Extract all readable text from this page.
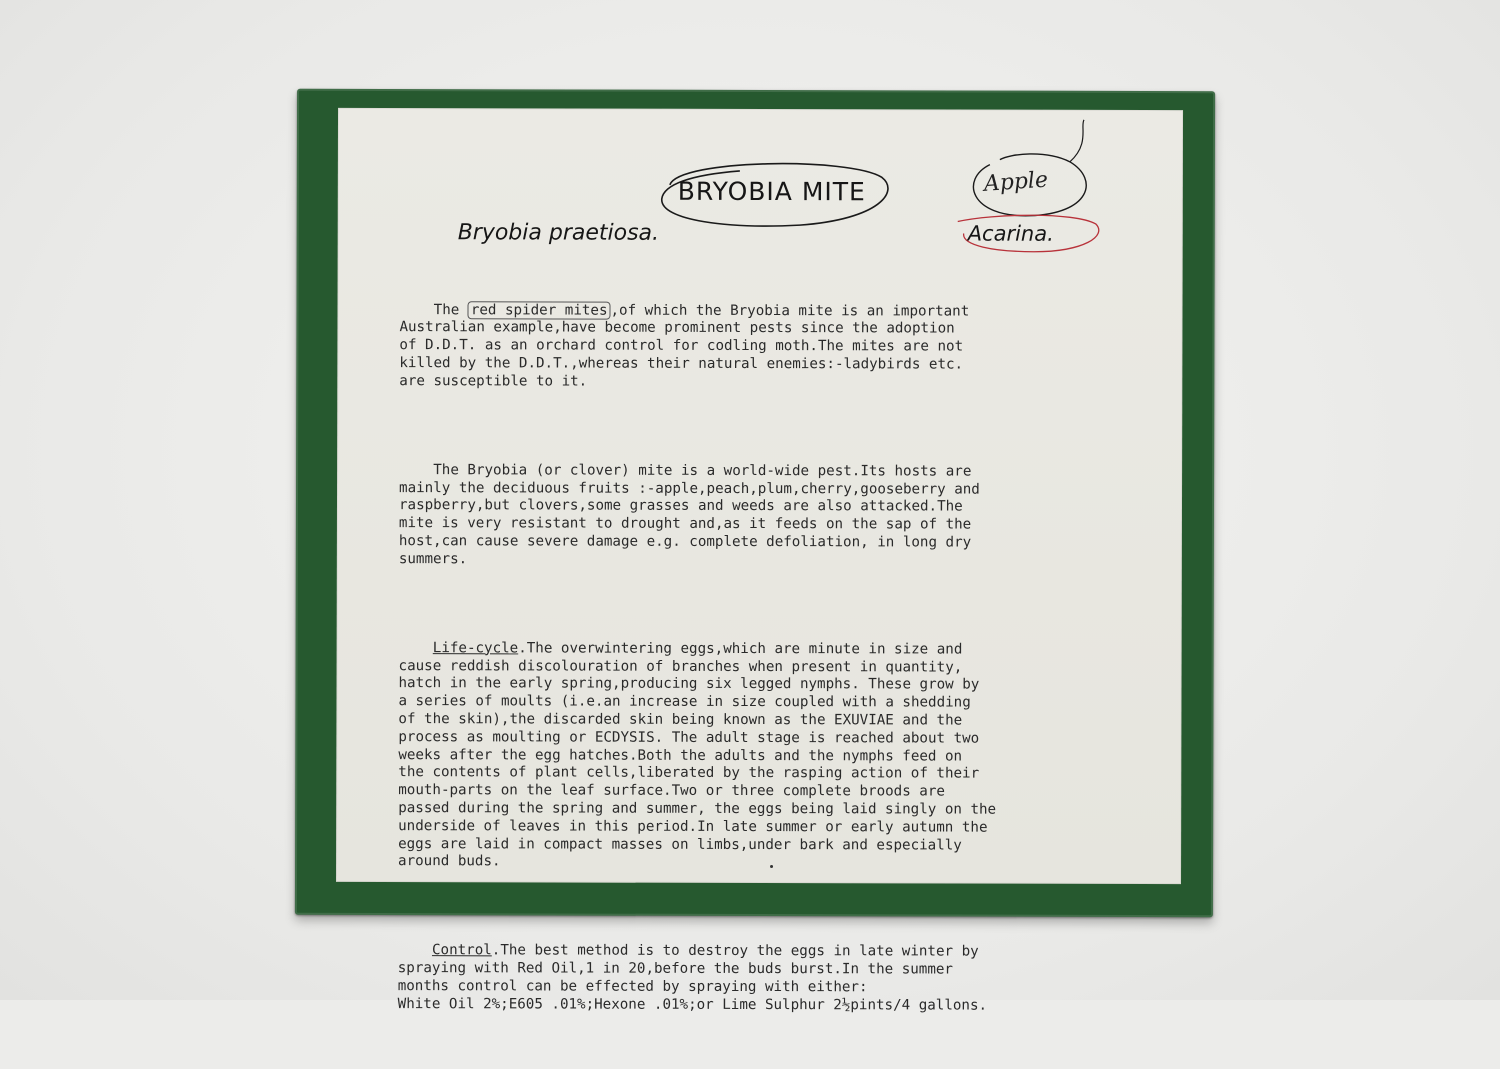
BRYOBIA MITE	Apple
Bryobia praetiosa.	Acarina.

The red spider mites ,of which the Bryobia mite is an important
Australian example,have become prominent pests since the adoption
of D.D.T. as an orchard control for codling moth.The mites are not
killed by the D.D.T.,whereas their natural enemies:-ladybirds etc.
are susceptible to it.

The Bryobia (or clover) mite is a world-wide pest.Its hosts are
mainly the deciduous fruits :-apple,peach,plum,cherry,gooseberry and
raspberry,but clovers,some grasses and weeds are also attacked.The
mite is very resistant to drought and,as it feeds on the sap of the
host,can cause severe damage e.g. complete defoliation, in long dry
summers.

Life-cycle.The overwintering eggs,which are minute in size and
cause reddish discolouration of branches when present in quantity,
hatch in the early spring,producing six legged nymphs. These grow by
a series of moults (i.e.an increase in size coupled with a shedding
of the skin),the discarded skin being known as the EXUVIAE and the
process as moulting or ECDYSIS. The adult stage is reached about two
weeks after the egg hatches.Both the adults and the nymphs feed on
the contents of plant cells,liberated by the rasping action of their
mouth-parts on the leaf surface.Two or three complete broods are
passed during the spring and summer, the eggs being laid singly on the
underside of leaves in this period.In late summer or early autumn the
eggs are laid in compact masses on limbs,under bark and especially
around buds.

Control.The best method is to destroy the eggs in late winter by
spraying with Red Oil,1 in 20,before the buds burst.In the summer
months control can be effected by spraying with either:
White Oil 2%;E605 .01%;Hexone .01%;or Lime Sulphur 2½pints/4 gallons.
